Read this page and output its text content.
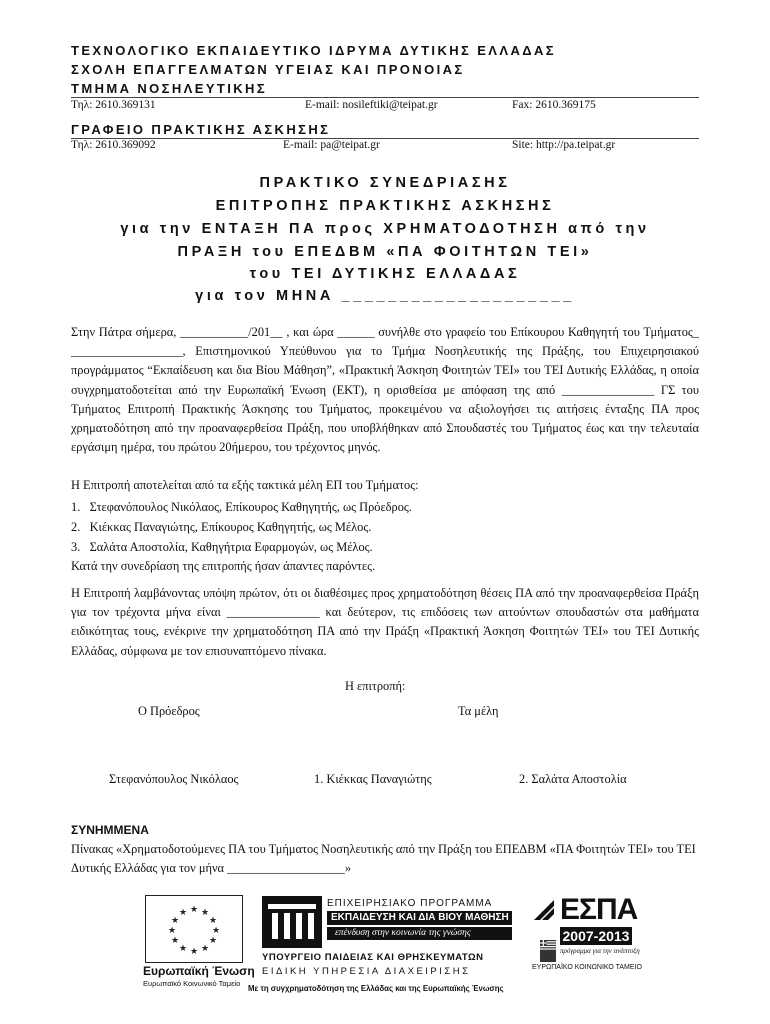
ΤΕΧΝΟΛΟΓΙΚΟ ΕΚΠΑΙΔΕΥΤΙΚΟ ΙΔΡΥΜΑ ΔΥΤΙΚΗΣ ΕΛΛΑΔΑΣ
ΣΧΟΛΗ ΕΠΑΓΓΕΛΜΑΤΩΝ ΥΓΕΙΑΣ ΚΑΙ ΠΡΟΝΟΙΑΣ
ΤΜΗΜΑ ΝΟΣΗΛΕΥΤΙΚΗΣ
Τηλ: 2610.369131	E-mail: nosileftiki@teipat.gr	Fax: 2610.369175
ΓΡΑΦΕΙΟ ΠΡΑΚΤΙΚΗΣ ΑΣΚΗΣΗΣ
Τηλ: 2610.369092	E-mail: pa@teipat.gr	Site: http://pa.teipat.gr
ΠΡΑΚΤΙΚΟ ΣΥΝΕΔΡΙΑΣΗΣ
ΕΠΙΤΡΟΠΗΣ ΠΡΑΚΤΙΚΗΣ ΑΣΚΗΣΗΣ
για την ΕΝΤΑΞΗ ΠΑ προς ΧΡΗΜΑΤΟΔΟΤΗΣΗ από την
ΠΡΑΞΗ του ΕΠΕΔΒΜ «ΠΑ ΦΟΙΤΗΤΩΝ ΤΕΙ»
του ΤΕΙ ΔΥΤΙΚΗΣ ΕΛΛΑΔΑΣ
για τον ΜΗΝΑ ____________________
Στην Πάτρα σήμερα, ___________/201__ , και ώρα ______ συνήλθε στο γραφείο του Επίκουρου Καθηγητή του Τμήματος_ __________________, Επιστημονικού Υπεύθυνου για το Τμήμα Νοσηλευτικής της Πράξης, του Επιχειρησιακού προγράμματος “Εκπαίδευση και δια Βίου Μάθηση”, «Πρακτική Άσκηση Φοιτητών ΤΕΙ» του ΤΕΙ Δυτικής Ελλάδας, η οποία συγχρηματοδοτείται από την Ευρωπαϊκή Ένωση (ΕΚΤ), η ορισθείσα με απόφαση της από _______________ ΓΣ του Τμήματος Επιτροπή Πρακτικής Άσκησης του Τμήματος, προκειμένου να αξιολογήσει τις αιτήσεις ένταξης ΠΑ προς χρηματοδότηση από την προαναφερθείσα Πράξη, που υποβλήθηκαν από Σπουδαστές του Τμήματος έως και την τελευταία εργάσιμη ημέρα, του πρώτου 20ήμερου, του τρέχοντος μηνός.
Η Επιτροπή αποτελείται από τα εξής τακτικά μέλη ΕΠ του Τμήματος:
1.  Στεφανόπουλος Νικόλαος, Επίκουρος Καθηγητής, ως Πρόεδρος.
2.  Κιέκκας Παναγιώτης, Επίκουρος Καθηγητής, ως Μέλος.
3.  Σαλάτα Αποστολία, Καθηγήτρια Εφαρμογών, ως Μέλος.
Κατά την συνεδρίαση της επιτροπής ήσαν άπαντες παρόντες.
Η Επιτροπή λαμβάνοντας υπόψη πρώτον, ότι οι διαθέσιμες προς χρηματοδότηση θέσεις ΠΑ από την προαναφερθείσα Πράξη για τον τρέχοντα μήνα είναι _______________ και δεύτερον, τις επιδόσεις των αιτούντων σπουδαστών στα μαθήματα ειδικότητας τους, ενέκρινε την χρηματοδότηση ΠΑ από την Πράξη «Πρακτική Άσκηση Φοιτητών ΤΕΙ» του ΤΕΙ Δυτικής Ελλάδας, σύμφωνα με τον επισυναπτόμενο πίνακα.
Η επιτροπή:
Ο Πρόεδρος	Τα μέλη
Στεφανόπουλος Νικόλαος	1. Κιέκκας Παναγιώτης	2. Σαλάτα Αποστολία
ΣΥΝΗΜΜΕΝΑ
Πίνακας «Χρηματοδοτούμενες ΠΑ του Τμήματος Νοσηλευτικής από την Πράξη του ΕΠΕΔΒΜ «ΠΑ Φοιτητών ΤΕΙ» του ΤΕΙ Δυτικής Ελλάδας για τον μήνα ___________________»
★ ★
★
★
★
★
★
★
★
★
★
★
Ευρωπαϊκή Ένωση
Ευρωπαϊκό Κοινωνικό Ταμείο
ΕΠΙΧΕΙΡΗΣΙΑΚΟ ΠΡΟΓΡΑΜΜΑ
ΕΚΠΑΙΔΕΥΣΗ ΚΑΙ ΔΙΑ ΒΙΟΥ ΜΑΘΗΣΗ
επένδυση στην κοινωνία της γνώσης
ΥΠΟΥΡΓΕΙΟ ΠΑΙΔΕΙΑΣ ΚΑΙ ΘΡΗΣΚΕΥΜΑΤΩΝ
ΕΙΔΙΚΗ ΥΠΗΡΕΣΙΑ ΔΙΑΧΕΙΡΙΣΗΣ
Με τη συγχρηματοδότηση της Ελλάδας και της Ευρωπαϊκής Ένωσης
ΕΣΠΑ
2007-2013
πρόγραμμα για την ανάπτυξη
ΕΥΡΩΠΑΪΚΟ ΚΟΙΝΩΝΙΚΟ ΤΑΜΕΙΟ
